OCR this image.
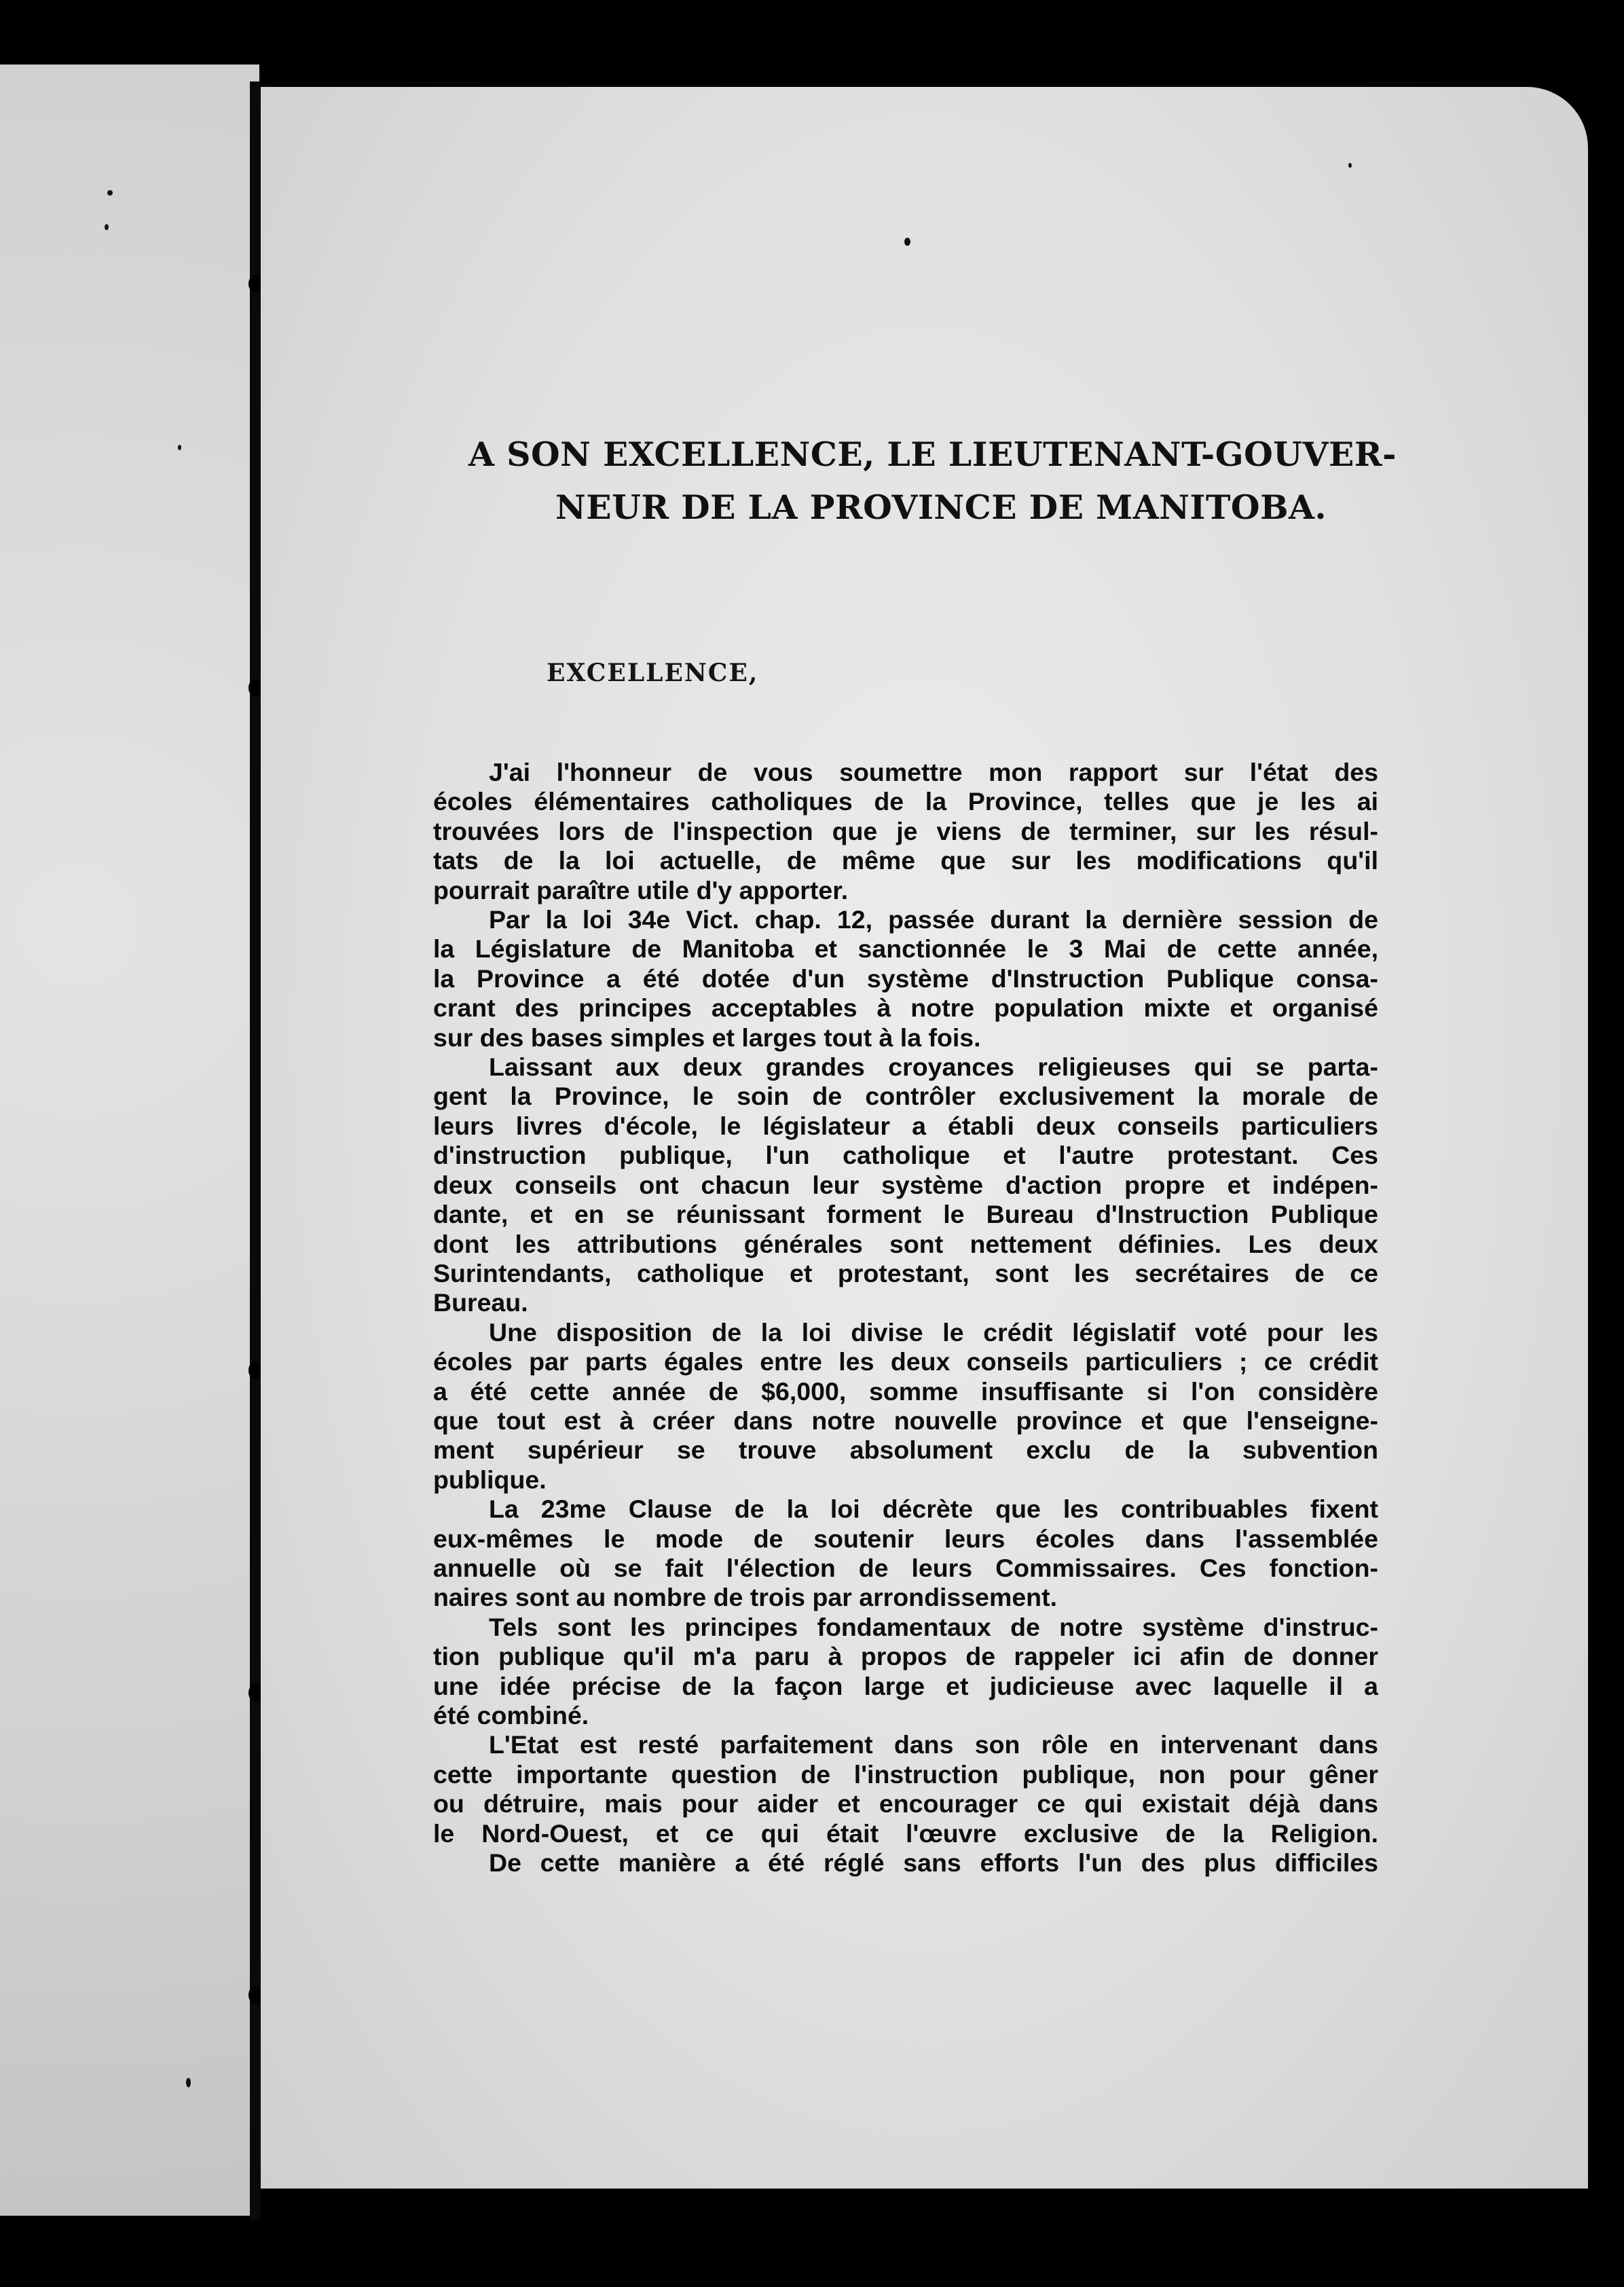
A SON EXCELLENCE, LE LIEUTENANT-GOUVER-
NEUR DE LA PROVINCE DE MANITOBA.
EXCELLENCE,
J'ai l'honneur de vous soumettre mon rapport sur l'état des
écoles élémentaires catholiques de la Province, telles que je les ai
trouvées lors de l'inspection que je viens de terminer, sur les résul-
tats de la loi actuelle, de même que sur les modifications qu'il
pourrait paraître utile d'y apporter.
Par la loi 34e Vict. chap. 12, passée durant la dernière session de
la Législature de Manitoba et sanctionnée le 3 Mai de cette année,
la Province a été dotée d'un système d'Instruction Publique consa-
crant des principes acceptables à notre population mixte et organisé
sur des bases simples et larges tout à la fois.
Laissant aux deux grandes croyances religieuses qui se parta-
gent la Province, le soin de contrôler exclusivement la morale de
leurs livres d'école, le législateur a établi deux conseils particuliers
d'instruction publique, l'un catholique et l'autre protestant. Ces
deux conseils ont chacun leur système d'action propre et indépen-
dante, et en se réunissant forment le Bureau d'Instruction Publique
dont les attributions générales sont nettement définies. Les deux
Surintendants, catholique et protestant, sont les secrétaires de ce
Bureau.
Une disposition de la loi divise le crédit législatif voté pour les
écoles par parts égales entre les deux conseils particuliers ; ce crédit
a été cette année de $6,000, somme insuffisante si l'on considère
que tout est à créer dans notre nouvelle province et que l'enseigne-
ment supérieur se trouve absolument exclu de la subvention
publique.
La 23me Clause de la loi décrète que les contribuables fixent
eux-mêmes le mode de soutenir leurs écoles dans l'assemblée
annuelle où se fait l'élection de leurs Commissaires. Ces fonction-
naires sont au nombre de trois par arrondissement.
Tels sont les principes fondamentaux de notre système d'instruc-
tion publique qu'il m'a paru à propos de rappeler ici afin de donner
une idée précise de la façon large et judicieuse avec laquelle il a
été combiné.
L'Etat est resté parfaitement dans son rôle en intervenant dans
cette importante question de l'instruction publique, non pour gêner
ou détruire, mais pour aider et encourager ce qui existait déjà dans
le Nord-Ouest, et ce qui était l'œuvre exclusive de la Religion.
De cette manière a été réglé sans efforts l'un des plus difficiles
